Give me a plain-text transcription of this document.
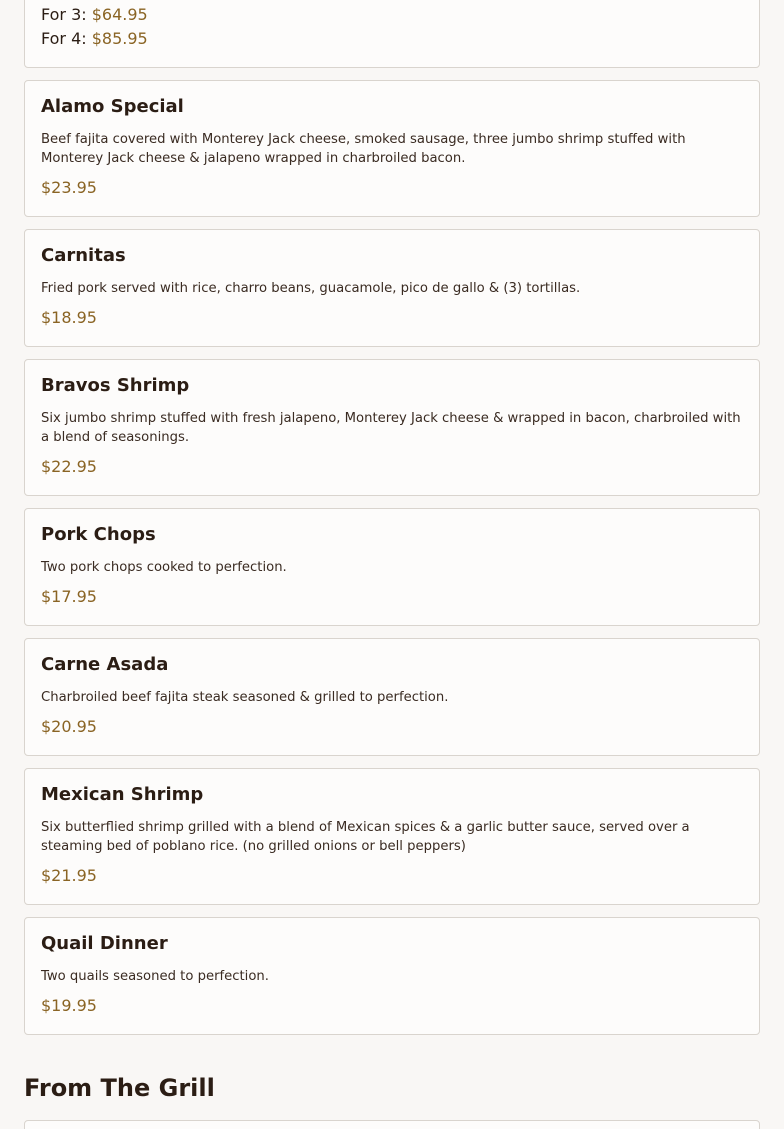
For 3: $64.95
For 4: $85.95
Alamo Special
Beef fajita covered with Monterey Jack cheese, smoked sausage, three jumbo shrimp stuffed with Monterey Jack cheese & jalapeno wrapped in charbroiled bacon.
$23.95
Carnitas
Fried pork served with rice, charro beans, guacamole, pico de gallo & (3) tortillas.
$18.95
Bravos Shrimp
Six jumbo shrimp stuffed with fresh jalapeno, Monterey Jack cheese & wrapped in bacon, charbroiled with a blend of seasonings.
$22.95
Pork Chops
Two pork chops cooked to perfection.
$17.95
Carne Asada
Charbroiled beef fajita steak seasoned & grilled to perfection.
$20.95
Mexican Shrimp
Six butterflied shrimp grilled with a blend of Mexican spices & a garlic butter sauce, served over a steaming bed of poblano rice. (no grilled onions or bell peppers)
$21.95
Quail Dinner
Two quails seasoned to perfection.
$19.95
From The Grill
